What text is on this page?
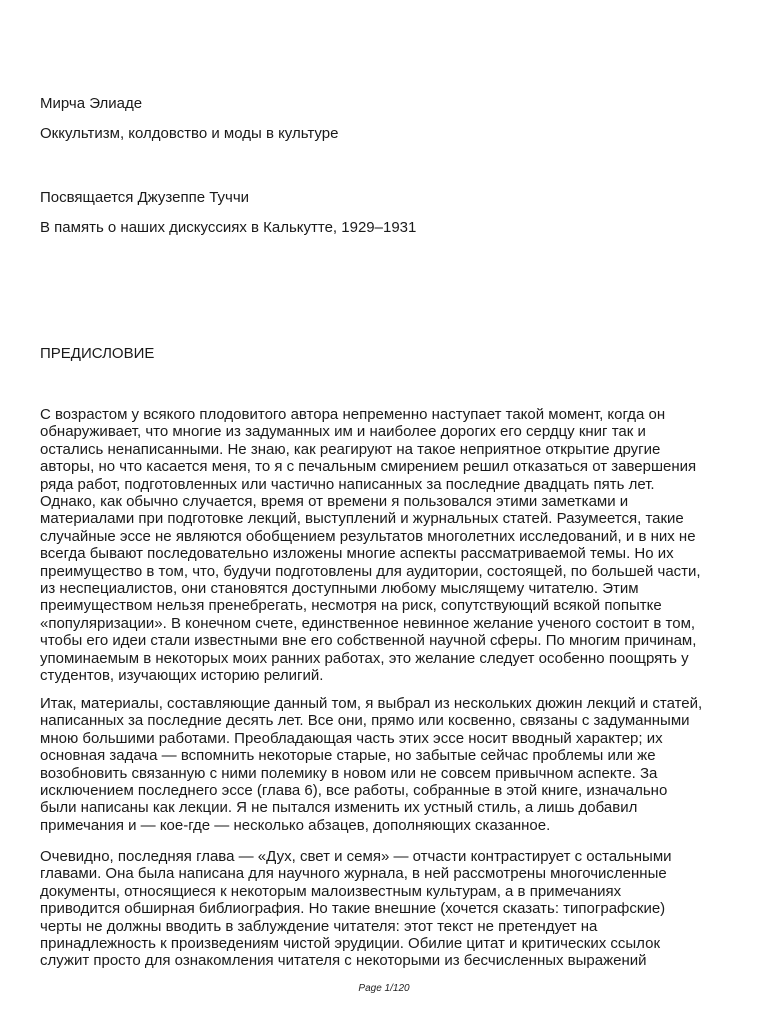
Мирча Элиаде
Оккультизм, колдовство и моды в культуре
Посвящается Джузеппе Туччи
В память о наших дискуссиях в Калькутте, 1929–1931
ПРЕДИСЛОВИЕ
С возрастом у всякого плодовитого автора непременно наступает такой момент, когда он
обнаруживает, что многие из задуманных им и наиболее дорогих его сердцу книг так и
остались ненаписанными. Не знаю, как реагируют на такое неприятное открытие другие
авторы, но что касается меня, то я с печальным смирением решил отказаться от завершения
ряда работ, подготовленных или частично написанных за последние двадцать пять лет.
Однако, как обычно случается, время от времени я пользовался этими заметками и
материалами при подготовке лекций, выступлений и журнальных статей. Разумеется, такие
случайные эссе не являются обобщением результатов многолетних исследований, и в них не
всегда бывают последовательно изложены многие аспекты рассматриваемой темы. Но их
преимущество в том, что, будучи подготовлены для аудитории, состоящей, по большей части,
из неспециалистов, они становятся доступными любому мыслящему читателю. Этим
преимуществом нельзя пренебрегать, несмотря на риск, сопутствующий всякой попытке
«популяризации». В конечном счете, единственное невинное желание ученого состоит в том,
чтобы его идеи стали известными вне его собственной научной сферы. По многим причинам,
упоминаемым в некоторых моих ранних работах, это желание следует особенно поощрять у
студентов, изучающих историю религий.
Итак, материалы, составляющие данный том, я выбрал из нескольких дюжин лекций и статей,
написанных за последние десять лет. Все они, прямо или косвенно, связаны с задуманными
мною большими работами. Преобладающая часть этих эссе носит вводный характер; их
основная задача — вспомнить некоторые старые, но забытые сейчас проблемы или же
возобновить связанную с ними полемику в новом или не совсем привычном аспекте. За
исключением последнего эссе (глава 6), все работы, собранные в этой книге, изначально
были написаны как лекции. Я не пытался изменить их устный стиль, а лишь добавил
примечания и — кое-где — несколько абзацев, дополняющих сказанное.
Очевидно, последняя глава — «Дух, свет и семя» — отчасти контрастирует с остальными
главами. Она была написана для научного журнала, в ней рассмотрены многочисленные
документы, относящиеся к некоторым малоизвестным культурам, а в примечаниях
приводится обширная библиография. Но такие внешние (хочется сказать: типографские)
черты не должны вводить в заблуждение читателя: этот текст не претендует на
принадлежность к произведениям чистой эрудиции. Обилие цитат и критических ссылок
служит просто для ознакомления читателя с некоторыми из бесчисленных выражений
Page 1/120
